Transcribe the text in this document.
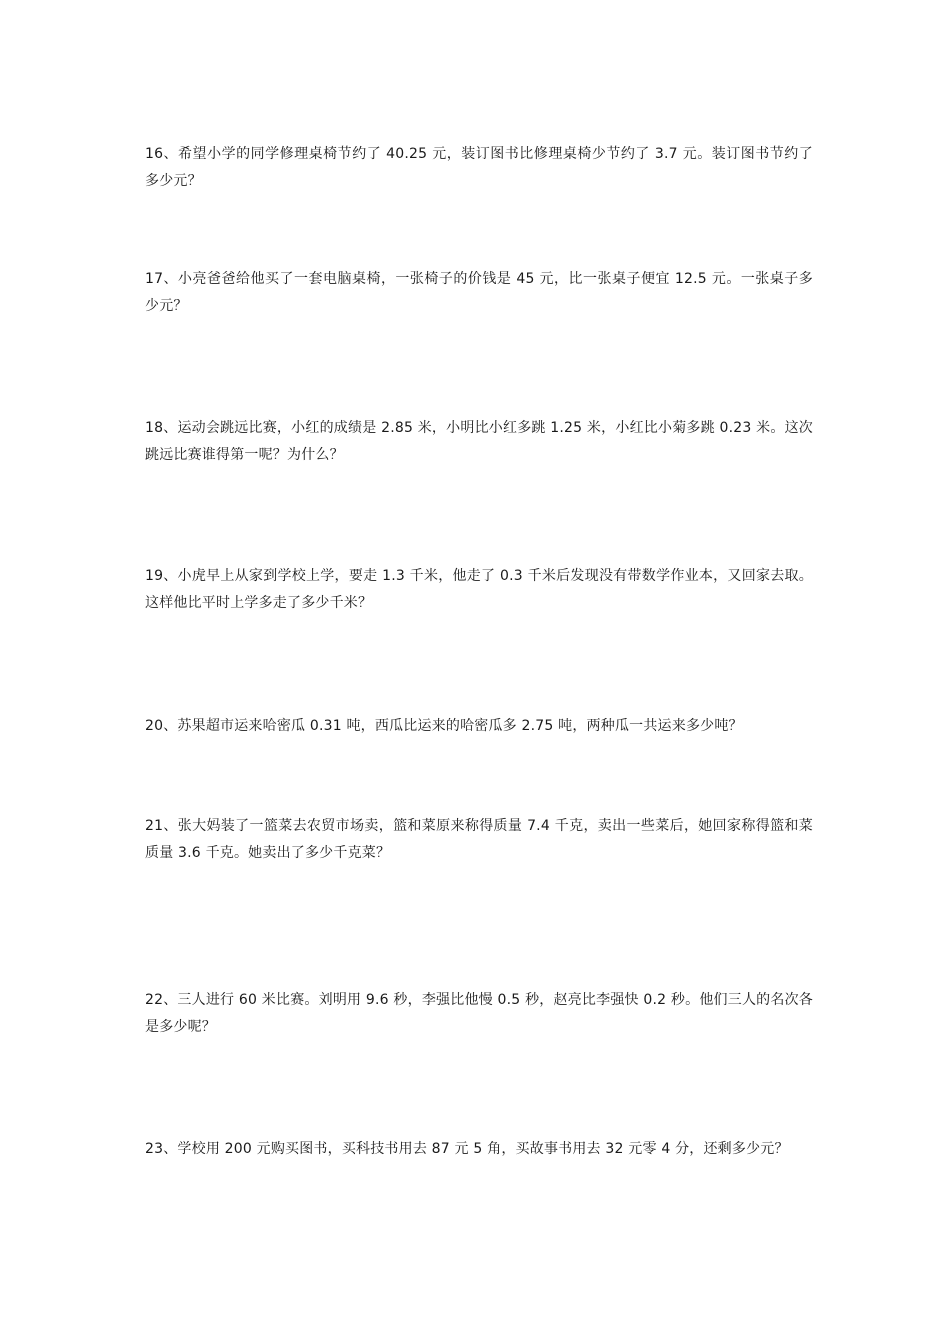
16、希望小学的同学修理桌椅节约了 40.25 元，装订图书比修理桌椅少节约了 3.7 元。装订图书节约了多少元？

17、小亮爸爸给他买了一套电脑桌椅，一张椅子的价钱是 45 元，比一张桌子便宜 12.5 元。一张桌子多少元？

18、运动会跳远比赛，小红的成绩是 2.85 米，小明比小红多跳 1.25 米，小红比小菊多跳 0.23 米。这次跳远比赛谁得第一呢？为什么？

19、小虎早上从家到学校上学，要走 1.3 千米，他走了 0.3 千米后发现没有带数学作业本，又回家去取。这样他比平时上学多走了多少千米？

20、苏果超市运来哈密瓜 0.31 吨，西瓜比运来的哈密瓜多 2.75 吨，两种瓜一共运来多少吨？

21、张大妈装了一篮菜去农贸市场卖，篮和菜原来称得质量 7.4 千克，卖出一些菜后，她回家称得篮和菜质量 3.6 千克。她卖出了多少千克菜？

22、三人进行 60 米比赛。刘明用 9.6 秒，李强比他慢 0.5 秒，赵亮比李强快 0.2 秒。他们三人的名次各是多少呢？

23、学校用 200 元购买图书，买科技书用去 87 元 5 角，买故事书用去 32 元零 4 分，还剩多少元？
